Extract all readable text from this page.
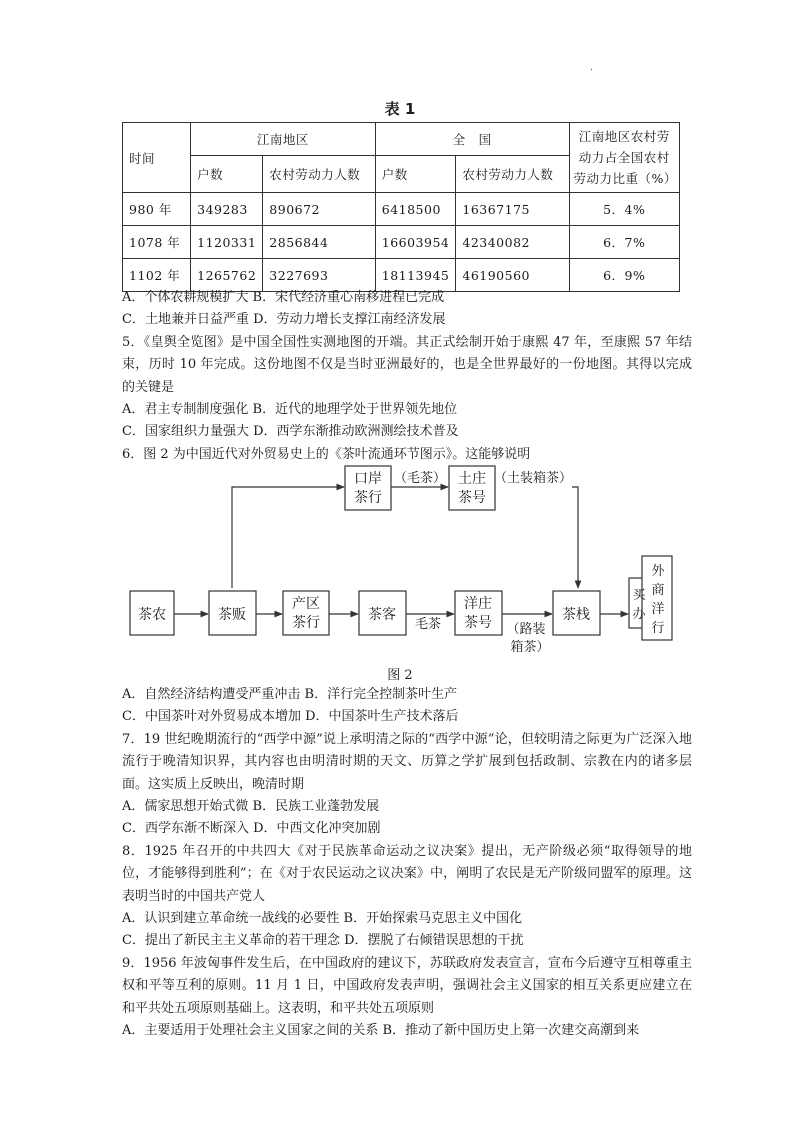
.
表 1
时间	江南地区		全　国		江南地区农村劳动力占全国农村劳动力比重（%）
	户数	农村劳动力人数	户数	农村劳动力人数	
980 年	349283	890672	6418500	16367175	5．4%
1078 年	1120331	2856844	16603954	42340082	6．7%
1102 年	1265762	3227693	18113945	46190560	6．9%

A．个体农耕规模扩大 B．宋代经济重心南移进程已完成

C．土地兼并日益严重 D．劳动力增长支撑江南经济发展

5．《皇舆全览图》是中国全国性实测地图的开端。其正式绘制开始于康熙 47 年，至康熙 57 年结束，历时 10 年完成。这份地图不仅是当时亚洲最好的，也是全世界最好的一份地图。其得以完成的关键是

A．君主专制制度强化 B．近代的地理学处于世界领先地位

C．国家组织力量强大 D．西学东渐推动欧洲测绘技术普及

6．图 2 为中国近代对外贸易史上的《茶叶流通环节图示》。这能够说明

茶农	茶贩
产区
茶行	茶客
洋庄
茶号	茶栈
口岸
茶行
土庄
茶号
买
办
外
商
洋
行
（毛茶）	（土装箱茶）
毛茶	（路装
箱茶）
图 2

A．自然经济结构遭受严重冲击 B．洋行完全控制茶叶生产

C．中国茶叶对外贸易成本增加 D．中国茶叶生产技术落后

7．19 世纪晚期流行的“西学中源”说上承明清之际的“西学中源”论，但较明清之际更为广泛深入地流行于晚清知识界，其内容也由明清时期的天文、历算之学扩展到包括政制、宗教在内的诸多层面。这实质上反映出，晚清时期

A．儒家思想开始式微 B．民族工业蓬勃发展

C．西学东渐不断深入 D．中西文化冲突加剧

8．1925 年召开的中共四大《对于民族革命运动之议决案》提出，无产阶级必须“取得领导的地位，才能够得到胜利”；在《对于农民运动之议决案》中，阐明了农民是无产阶级同盟军的原理。这表明当时的中国共产党人

A．认识到建立革命统一战线的必要性 B．开始探索马克思主义中国化

C．提出了新民主主义革命的若干理念 D．摆脱了右倾错误思想的干扰

9．1956 年波匈事件发生后，在中国政府的建议下，苏联政府发表宣言，宣布今后遵守互相尊重主权和平等互利的原则。11 月 1 日，中国政府发表声明，强调社会主义国家的相互关系更应建立在和平共处五项原则基础上。这表明，和平共处五项原则

A．主要适用于处理社会主义国家之间的关系 B．推动了新中国历史上第一次建交高潮到来
